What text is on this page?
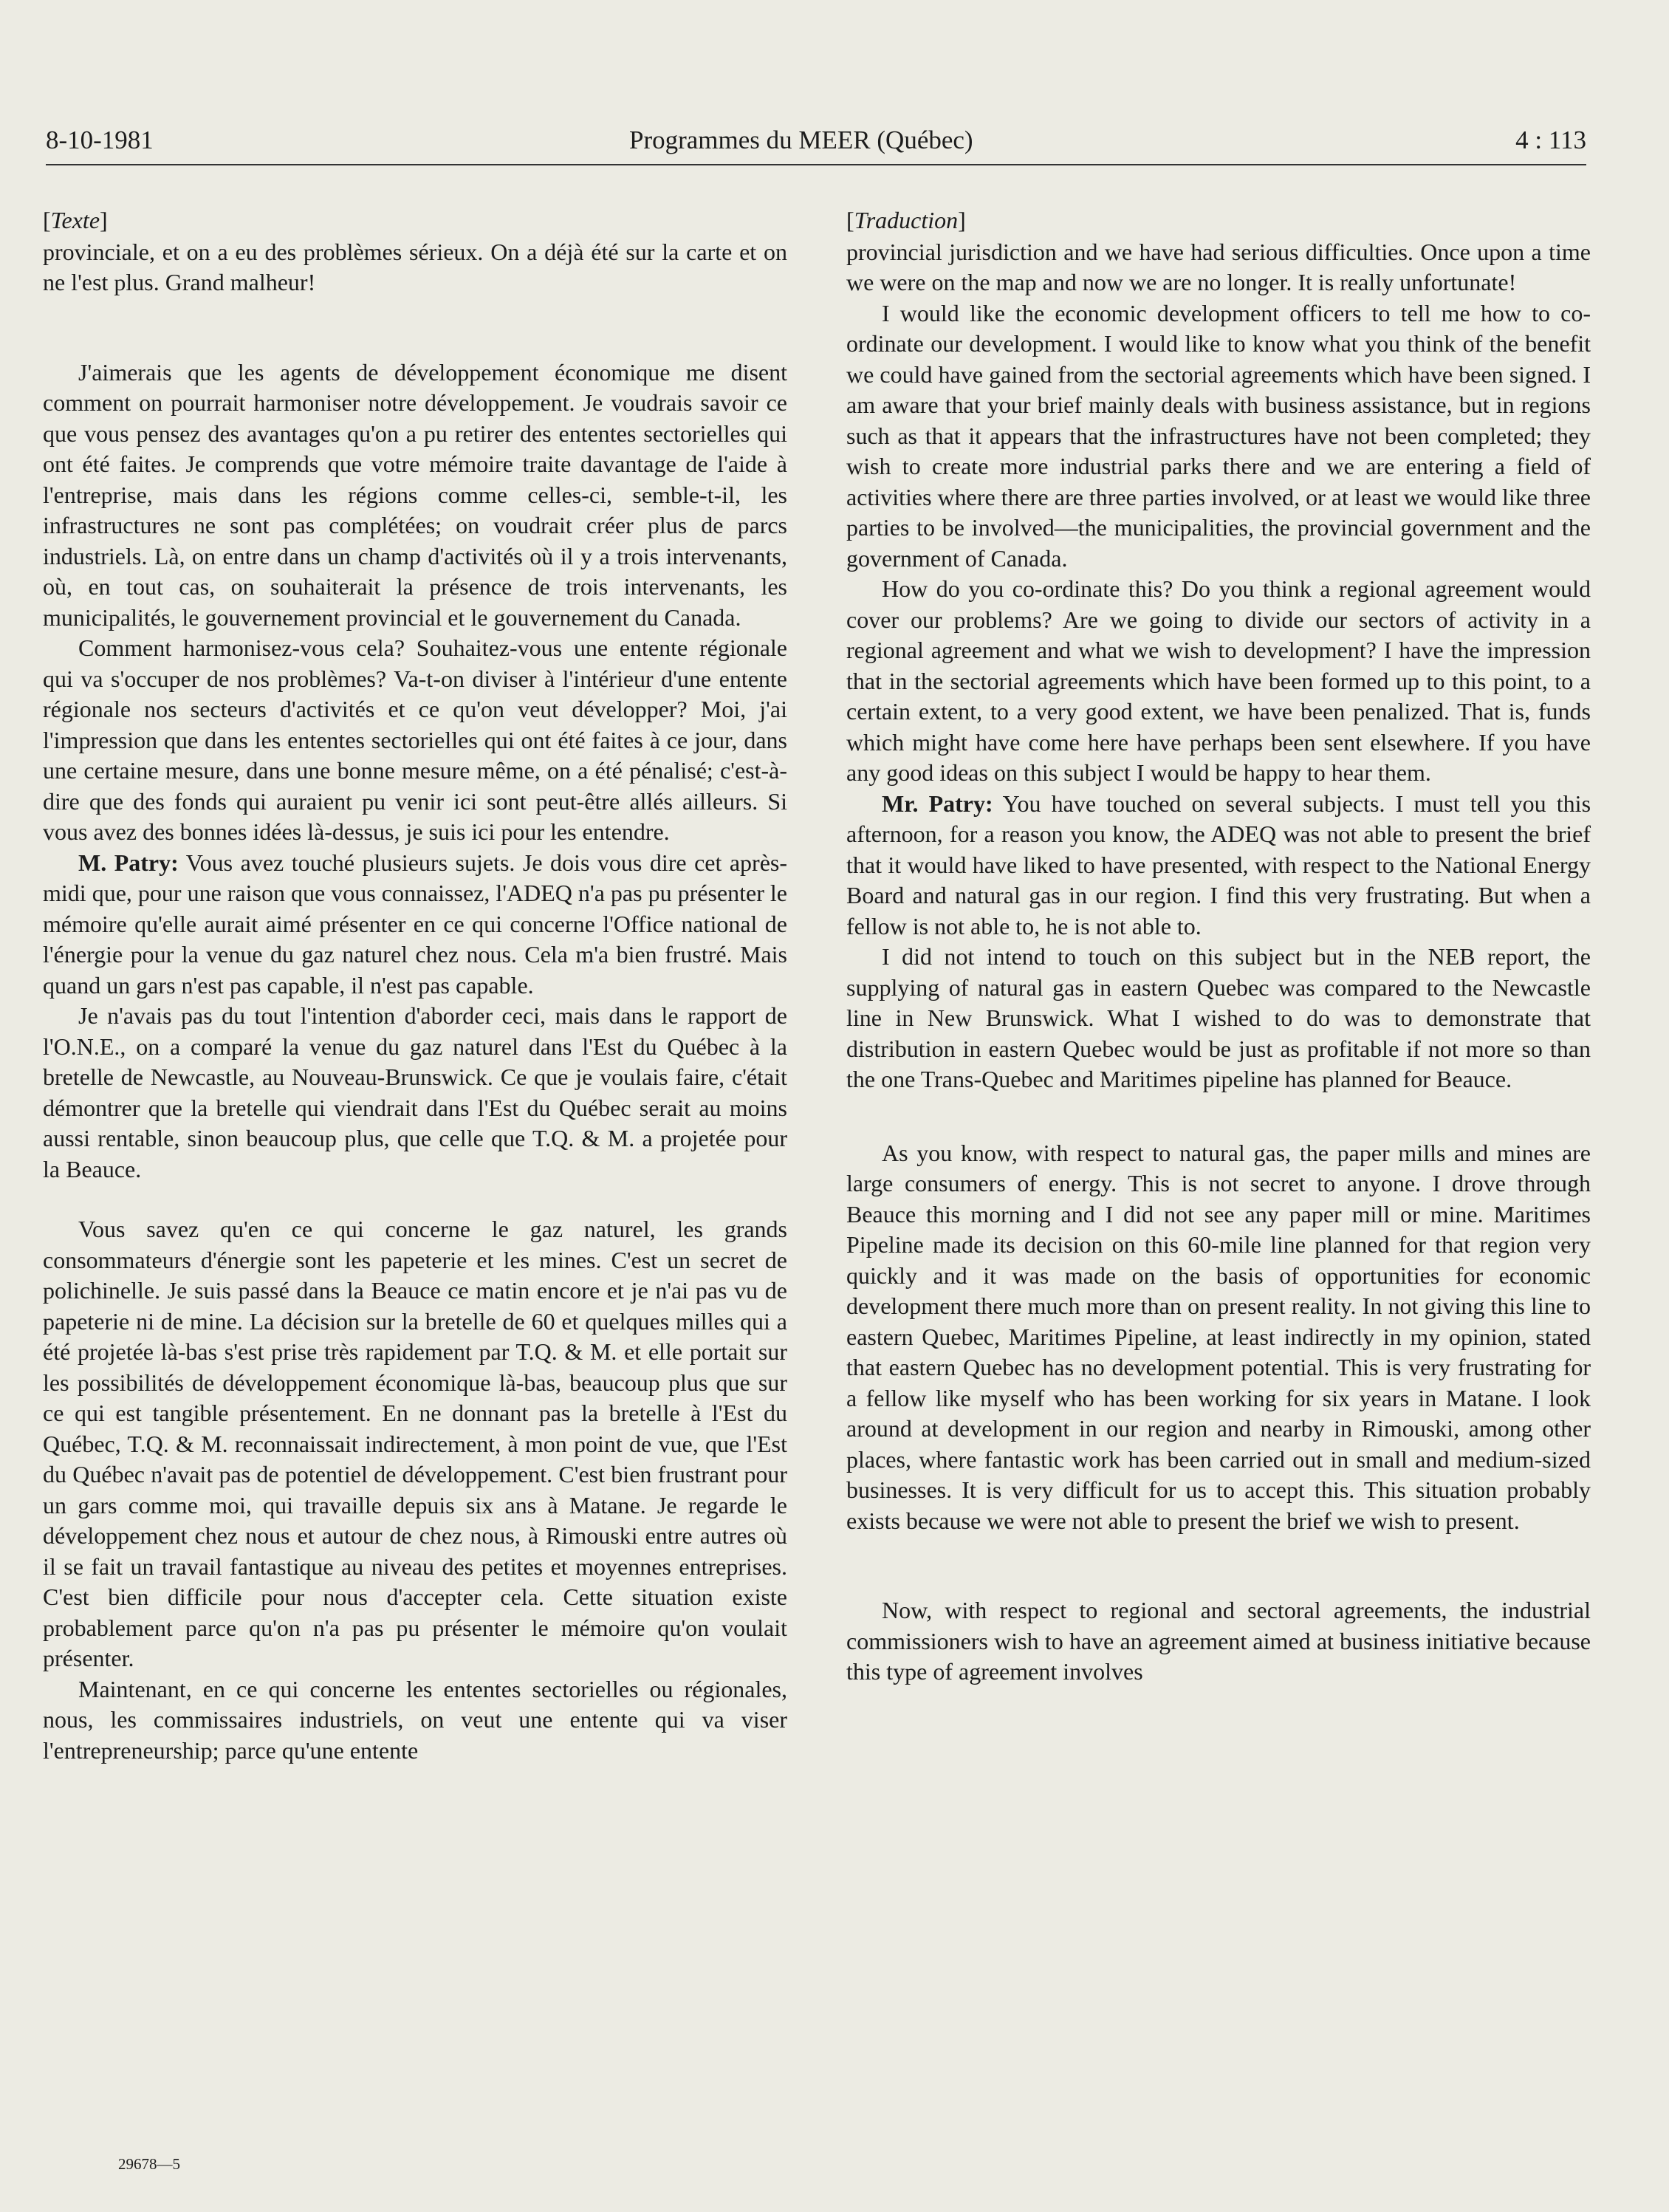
8-10-1981	Programmes du MEER (Québec)	4 : 113
[Texte]

provinciale, et on a eu des problèmes sérieux. On a déjà été sur la carte et on ne l'est plus. Grand malheur!

J'aimerais que les agents de développement économique me disent comment on pourrait harmoniser notre développement. Je voudrais savoir ce que vous pensez des avantages qu'on a pu retirer des ententes sectorielles qui ont été faites. Je comprends que votre mémoire traite davantage de l'aide à l'entreprise, mais dans les régions comme celles-ci, semble-t-il, les infrastructures ne sont pas complétées; on voudrait créer plus de parcs industriels. Là, on entre dans un champ d'activités où il y a trois intervenants, où, en tout cas, on souhaiterait la présence de trois intervenants, les municipalités, le gouvernement provincial et le gouvernement du Canada.

Comment harmonisez-vous cela? Souhaitez-vous une entente régionale qui va s'occuper de nos problèmes? Va-t-on diviser à l'intérieur d'une entente régionale nos secteurs d'activités et ce qu'on veut développer? Moi, j'ai l'impression que dans les ententes sectorielles qui ont été faites à ce jour, dans une certaine mesure, dans une bonne mesure même, on a été pénalisé; c'est-à-dire que des fonds qui auraient pu venir ici sont peut-être allés ailleurs. Si vous avez des bonnes idées là-dessus, je suis ici pour les entendre.

M. Patry: Vous avez touché plusieurs sujets. Je dois vous dire cet après-midi que, pour une raison que vous connaissez, l'ADEQ n'a pas pu présenter le mémoire qu'elle aurait aimé présenter en ce qui concerne l'Office national de l'énergie pour la venue du gaz naturel chez nous. Cela m'a bien frustré. Mais quand un gars n'est pas capable, il n'est pas capable.

Je n'avais pas du tout l'intention d'aborder ceci, mais dans le rapport de l'O.N.E., on a comparé la venue du gaz naturel dans l'Est du Québec à la bretelle de Newcastle, au Nouveau-Brunswick. Ce que je voulais faire, c'était démontrer que la bretelle qui viendrait dans l'Est du Québec serait au moins aussi rentable, sinon beaucoup plus, que celle que T.Q. & M. a projetée pour la Beauce.

Vous savez qu'en ce qui concerne le gaz naturel, les grands consommateurs d'énergie sont les papeterie et les mines. C'est un secret de polichinelle. Je suis passé dans la Beauce ce matin encore et je n'ai pas vu de papeterie ni de mine. La décision sur la bretelle de 60 et quelques milles qui a été projetée là-bas s'est prise très rapidement par T.Q. & M. et elle portait sur les possibilités de développement économique là-bas, beaucoup plus que sur ce qui est tangible présentement. En ne donnant pas la bretelle à l'Est du Québec, T.Q. & M. reconnaissait indirectement, à mon point de vue, que l'Est du Québec n'avait pas de potentiel de développement. C'est bien frustrant pour un gars comme moi, qui travaille depuis six ans à Matane. Je regarde le développement chez nous et autour de chez nous, à Rimouski entre autres où il se fait un travail fantastique au niveau des petites et moyennes entreprises. C'est bien difficile pour nous d'accepter cela. Cette situation existe probablement parce qu'on n'a pas pu présenter le mémoire qu'on voulait présenter.

Maintenant, en ce qui concerne les ententes sectorielles ou régionales, nous, les commissaires industriels, on veut une entente qui va viser l'entrepreneurship; parce qu'une entente

[Traduction]

provincial jurisdiction and we have had serious difficulties. Once upon a time we were on the map and now we are no longer. It is really unfortunate!

I would like the economic development officers to tell me how to co-ordinate our development. I would like to know what you think of the benefit we could have gained from the sectorial agreements which have been signed. I am aware that your brief mainly deals with business assistance, but in regions such as that it appears that the infrastructures have not been completed; they wish to create more industrial parks there and we are entering a field of activities where there are three parties involved, or at least we would like three parties to be involved—the municipalities, the provincial government and the government of Canada.

How do you co-ordinate this? Do you think a regional agreement would cover our problems? Are we going to divide our sectors of activity in a regional agreement and what we wish to development? I have the impression that in the sectorial agreements which have been formed up to this point, to a certain extent, to a very good extent, we have been penalized. That is, funds which might have come here have perhaps been sent elsewhere. If you have any good ideas on this subject I would be happy to hear them.

Mr. Patry: You have touched on several subjects. I must tell you this afternoon, for a reason you know, the ADEQ was not able to present the brief that it would have liked to have presented, with respect to the National Energy Board and natural gas in our region. I find this very frustrating. But when a fellow is not able to, he is not able to.

I did not intend to touch on this subject but in the NEB report, the supplying of natural gas in eastern Quebec was compared to the Newcastle line in New Brunswick. What I wished to do was to demonstrate that distribution in eastern Quebec would be just as profitable if not more so than the one Trans-Quebec and Maritimes pipeline has planned for Beauce.

As you know, with respect to natural gas, the paper mills and mines are large consumers of energy. This is not secret to anyone. I drove through Beauce this morning and I did not see any paper mill or mine. Maritimes Pipeline made its decision on this 60-mile line planned for that region very quickly and it was made on the basis of opportunities for economic development there much more than on present reality. In not giving this line to eastern Quebec, Maritimes Pipeline, at least indirectly in my opinion, stated that eastern Quebec has no development potential. This is very frustrating for a fellow like myself who has been working for six years in Matane. I look around at development in our region and nearby in Rimouski, among other places, where fantastic work has been carried out in small and medium-sized businesses. It is very difficult for us to accept this. This situation probably exists because we were not able to present the brief we wish to present.

Now, with respect to regional and sectoral agreements, the industrial commissioners wish to have an agreement aimed at business initiative because this type of agreement involves

29678—5
